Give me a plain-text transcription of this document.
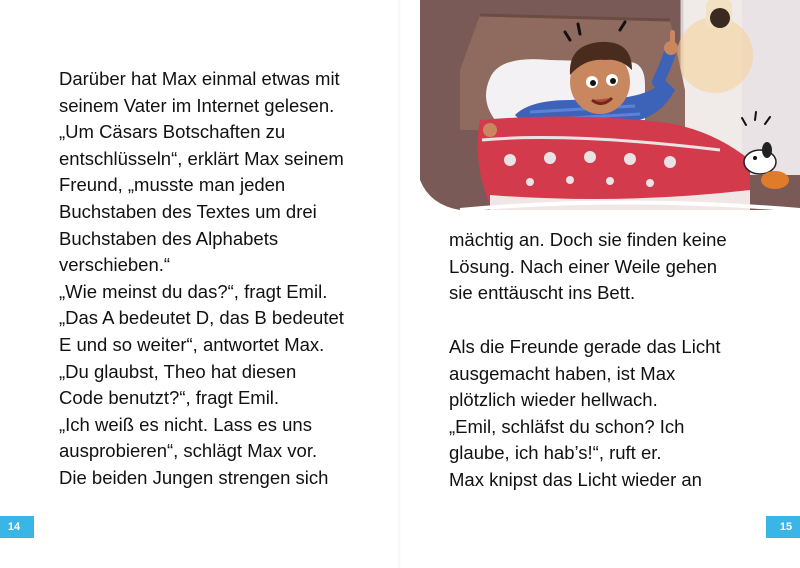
Darüber hat Max einmal etwas mit
seinem Vater im Internet gelesen.
„Um Cäsars Botschaften zu
entschlüsseln“, erklärt Max seinem
Freund, „musste man jeden
Buchstaben des Textes um drei
Buchstaben des Alphabets
verschieben.“
„Wie meinst du das?“, fragt Emil.
„Das A bedeutet D, das B bedeutet
E und so weiter“, antwortet Max.
„Du glaubst, Theo hat diesen
Code benutzt?“, fragt Emil.
„Ich weiß es nicht. Lass es uns
ausprobieren“, schlägt Max vor.
Die beiden Jungen strengen sich
14
mächtig an. Doch sie finden keine
Lösung. Nach einer Weile gehen
sie enttäuscht ins Bett.
Als die Freunde gerade das Licht
ausgemacht haben, ist Max
plötzlich wieder hellwach.
„Emil, schläfst du schon? Ich
glaube, ich hab’s!“, ruft er.
Max knipst das Licht wieder an
15
